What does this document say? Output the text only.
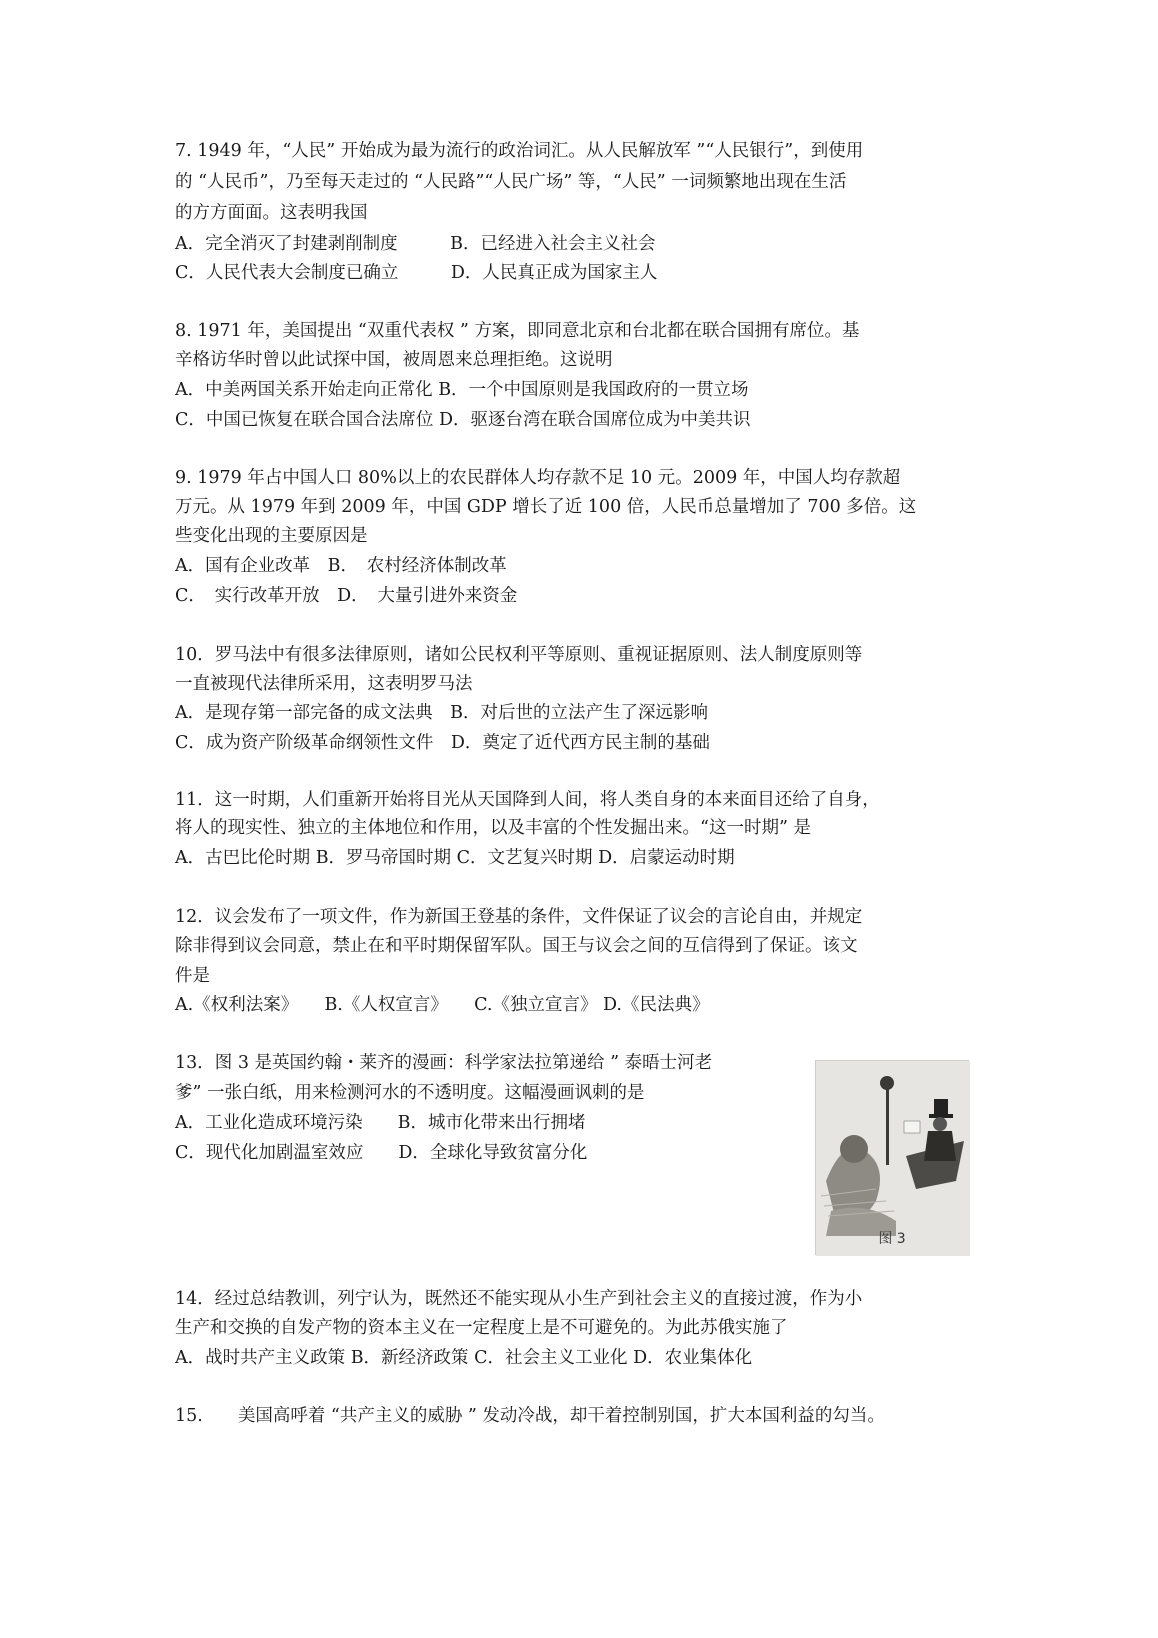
7. 1949 年，“人民” 开始成为最为流行的政治词汇。从人民解放军 ”“人民银行”，到使用
的 “人民币”，乃至每天走过的 “人民路”“人民广场” 等，“人民” 一词频繁地出现在生活
的方方面面。这表明我国
A．完全消灭了封建剥削制度　　　B．已经进入社会主义社会
C．人民代表大会制度已确立　　　D．人民真正成为国家主人
8. 1971 年，美国提出 “双重代表权 ” 方案，即同意北京和台北都在联合国拥有席位。基
辛格访华时曾以此试探中国，被周恩来总理拒绝。这说明
A．中美两国关系开始走向正常化 B．一个中国原则是我国政府的一贯立场
C．中国已恢复在联合国合法席位 D．驱逐台湾在联合国席位成为中美共识
9. 1979 年占中国人口 80%以上的农民群体人均存款不足 10 元。2009 年，中国人均存款超
万元。从 1979 年到 2009 年，中国 GDP 增长了近 100 倍，人民币总量增加了 700 多倍。这
些变化出现的主要原因是
A．国有企业改革　B．　农村经济体制改革
C．　实行改革开放　D．　大量引进外来资金
10．罗马法中有很多法律原则，诸如公民权利平等原则、重视证据原则、法人制度原则等
一直被现代法律所采用，这表明罗马法
A．是现存第一部完备的成文法典　B．对后世的立法产生了深远影响
C．成为资产阶级革命纲领性文件　D．奠定了近代西方民主制的基础
11．这一时期，人们重新开始将目光从天国降到人间，将人类自身的本来面目还给了自身，
将人的现实性、独立的主体地位和作用，以及丰富的个性发掘出来。“这一时期” 是
A．古巴比伦时期 B．罗马帝国时期 C．文艺复兴时期 D．启蒙运动时期
12．议会发布了一项文件，作为新国王登基的条件，文件保证了议会的言论自由，并规定
除非得到议会同意，禁止在和平时期保留军队。国王与议会之间的互信得到了保证。该文
件是
A.《权利法案》　　B.《人权宣言》　　C.《独立宣言》 D.《民法典》
13．图 3 是英国约翰・莱齐的漫画：科学家法拉第递给 ” 泰晤士河老
爹” 一张白纸，用来检测河水的不透明度。这幅漫画讽刺的是
A．工业化造成环境污染　　B．城市化带来出行拥堵
C．现代化加剧温室效应　　D．全球化导致贫富分化
14．经过总结教训，列宁认为，既然还不能实现从小生产到社会主义的直接过渡，作为小
生产和交换的自发产物的资本主义在一定程度上是不可避免的。为此苏俄实施了
A．战时共产主义政策 B．新经济政策 C．社会主义工业化 D．农业集体化
15.　　美国高呼着 “共产主义的威胁 ” 发动冷战，却干着控制别国，扩大本国利益的勾当。
图 3
